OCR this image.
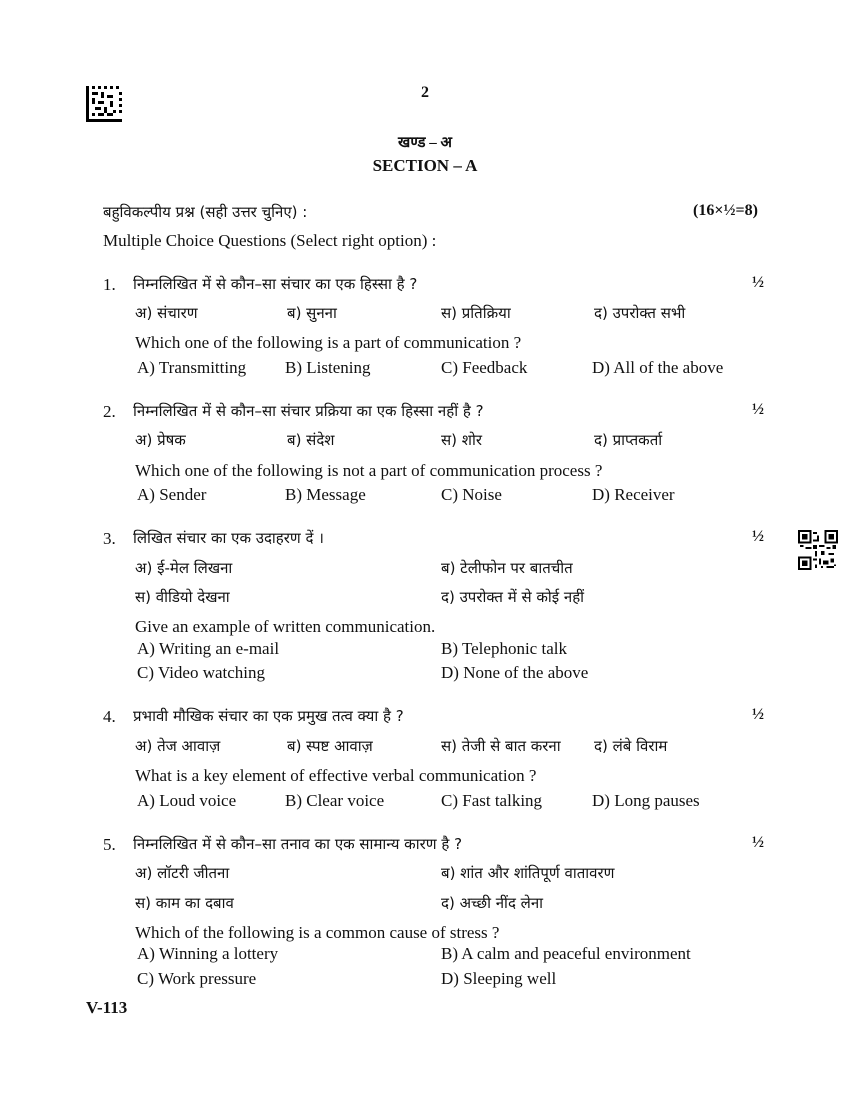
2
खण्ड – अ
SECTION – A
बहुविकल्पीय प्रश्न (सही उत्तर चुनिए) :	(16×½=8)
Multiple Choice Questions (Select right option) :
1. निम्नलिखित में से कौन–सा संचार का एक हिस्सा है ?	½
अ) संचारण	ब) सुनना	स) प्रतिक्रिया	द) उपरोक्त सभी
Which one of the following is a part of communication ?
A) Transmitting B) Listening	C) Feedback	D) All of the above
2. निम्नलिखित में से कौन–सा संचार प्रक्रिया का एक हिस्सा नहीं है ?	½
अ) प्रेषक	ब) संदेश	स) शोर	द) प्राप्तकर्ता
Which one of the following is not a part of communication process ?
A) Sender	B) Message	C) Noise	D) Receiver
3. लिखित संचार का एक उदाहरण दें ।	½
अ) ई-मेल लिखना	ब) टेलीफोन पर बातचीत
स) वीडियो देखना	द) उपरोक्त में से कोई नहीं
Give an example of written communication.
A) Writing an e-mail	B) Telephonic talk
C) Video watching	D) None of the above
4. प्रभावी मौखिक संचार का एक प्रमुख तत्व क्या है ?	½
अ) तेज आवाज़	ब) स्पष्ट आवाज़	स) तेजी से बात करना द) लंबे विराम
What is a key element of effective verbal communication ?
A) Loud voice	B) Clear voice	C) Fast talking	D) Long pauses
5. निम्नलिखित में से कौन–सा तनाव का एक सामान्य कारण है ?	½
अ) लॉटरी जीतना	ब) शांत और शांतिपूर्ण वातावरण
स) काम का दबाव	द) अच्छी नींद लेना
Which of the following is a common cause of stress ?
A) Winning a lottery	B) A calm and peaceful environment
C) Work pressure	D) Sleeping well
V-113
